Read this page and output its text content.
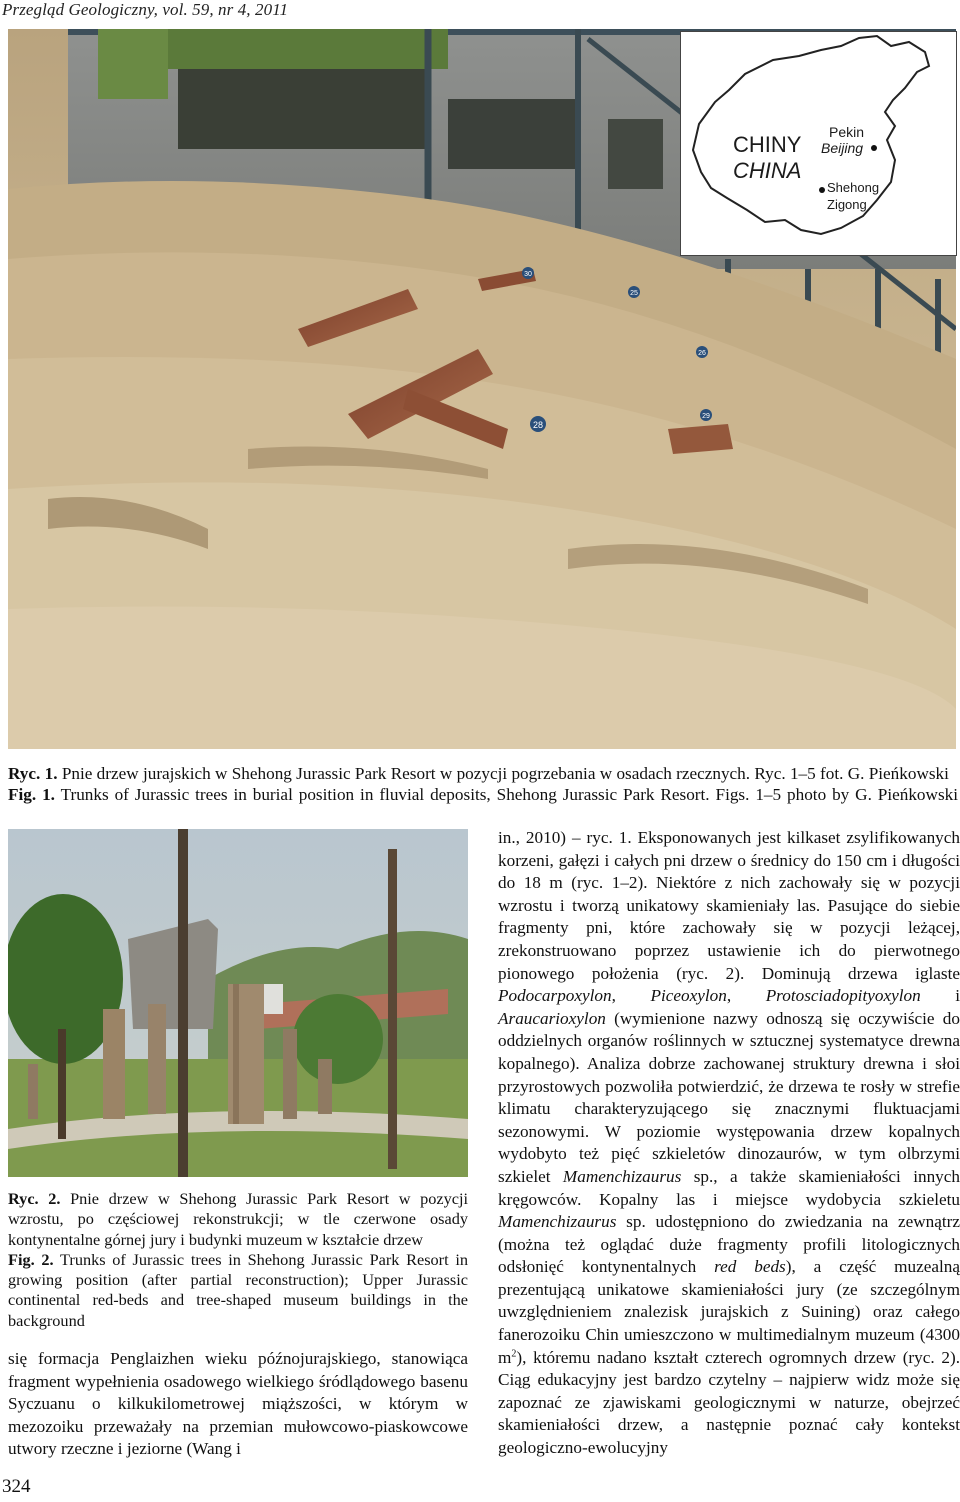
Przegląd Geologiczny, vol. 59, nr 4, 2011
30
25
26
28
29
CHINY
CHINA
Pekin
Beijing
Shehong
Zigong
Ryc. 1. Pnie drzew jurajskich w Shehong Jurassic Park Resort w pozycji pogrzebania w osadach rzecznych. Ryc. 1–5 fot. G. Pieńkowski
Fig. 1. Trunks of Jurassic trees in burial position in fluvial deposits, Shehong Jurassic Park Resort. Figs. 1–5 photo by G. Pieńkowski

Ryc. 2. Pnie drzew w Shehong Jurassic Park Resort w pozycji wzrostu, po częściowej rekonstrukcji; w tle czerwone osady kontynentalne górnej jury i budynki muzeum w kształcie drzew

Fig. 2. Trunks of Jurassic trees in Shehong Jurassic Park Resort in growing position (after partial reconstruction); Upper Jurassic continental red-beds and tree-shaped museum buildings in the background

się formacja Penglaizhen wieku późnojurajskiego, stanowiąca fragment wypełnienia osadowego wielkiego śródlądowego basenu Syczuanu o kilkukilometrowej miąższości, w którym w mezozoiku przeważały na przemian mułowcowo-piaskowcowe utwory rzeczne i jeziorne (Wang i

in., 2010) – ryc. 1. Eksponowanych jest kilkaset zsylifikowanych korzeni, gałęzi i całych pni drzew o średnicy do 150 cm i długości do 18 m (ryc. 1–2). Niektóre z nich zachowały się w pozycji wzrostu i tworzą unikatowy skamieniały las. Pasujące do siebie fragmenty pni, które zachowały się w pozycji leżącej, zrekonstruowano poprzez ustawienie ich do pierwotnego pionowego położenia (ryc. 2). Dominują drzewa iglaste Podocarpoxylon, Piceoxylon, Protosciadopityoxylon i Araucarioxylon (wymienione nazwy odnoszą się oczywiście do oddzielnych organów roślinnych w sztucznej systematyce drewna kopalnego). Analiza dobrze zachowanej struktury drewna i słoi przyrostowych pozwoliła potwierdzić, że drzewa te rosły w strefie klimatu charakteryzującego się znacznymi fluktuacjami sezonowymi. W poziomie występowania drzew kopalnych wydobyto też pięć szkieletów dinozaurów, w tym olbrzymi szkielet Mamenchizaurus sp., a także skamieniałości innych kręgowców. Kopalny las i miejsce wydobycia szkieletu Mamenchizaurus sp. udostępniono do zwiedzania na zewnątrz (można też oglądać duże fragmenty profili litologicznych odsłonięć kontynentalnych red beds), a część muzealną prezentującą unikatowe skamieniałości jury (ze szczególnym uwzględnieniem znalezisk jurajskich z Suining) oraz całego fanerozoiku Chin umieszczono w multimedialnym muzeum (4300 $m^2$), któremu nadano kształt czterech ogromnych drzew (ryc. 2). Ciąg edukacyjny jest bardzo czytelny – najpierw widz może się zapoznać ze zjawiskami geologicznymi w naturze, obejrzeć skamieniałości drzew, a następnie poznać cały kontekst geologiczno-ewolucyjny

324
